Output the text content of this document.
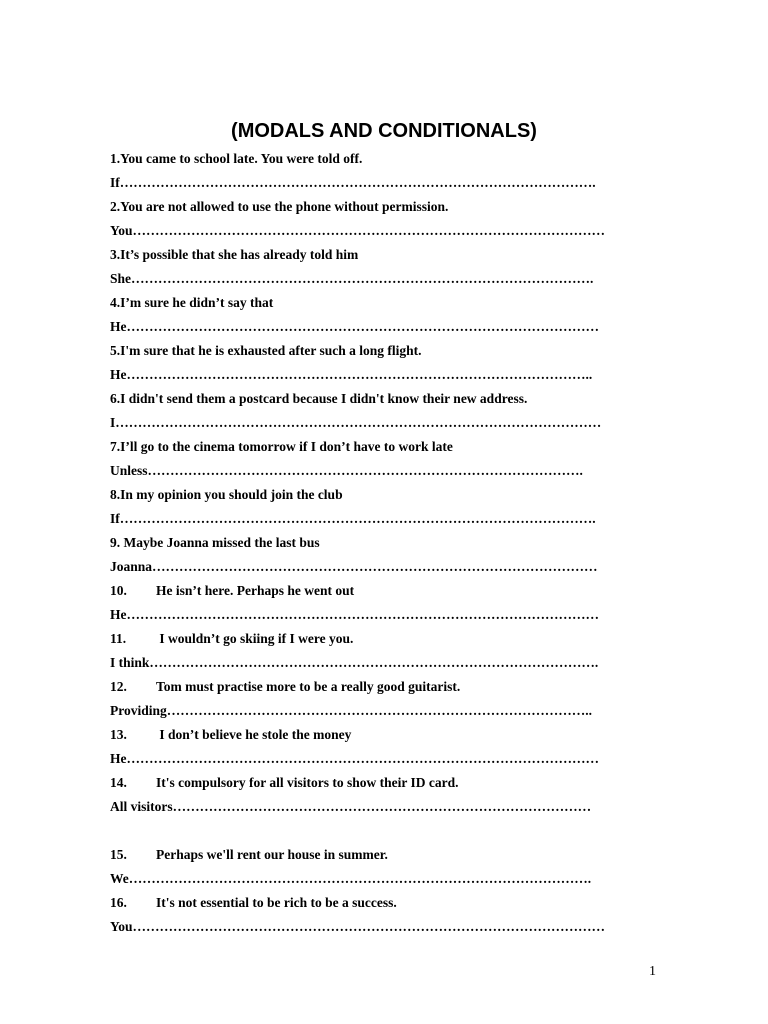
(MODALS AND CONDITIONALS)
1.You came to school late. You were told off.
If…………………………………………………………………………………………….
2.You are not allowed to use the phone without permission.
You……………………………………………………………………………………………
3.It’s possible that she has already told him
She………………………………………………………………………………………….
4.I’m sure he didn’t say that
He……………………………………………………………………………………………
5.I'm sure that he is exhausted after such a long flight.
He…………………………………………………………………………………………..
6.I didn't send them a postcard because I didn't know their new address.
I………………………………………………………………………………………………
7.I’ll go to the cinema tomorrow if I don’t have to work late
Unless…………………………………………………………………………………….
8.In my opinion you should join the club
If…………………………………………………………………………………………….
9. Maybe Joanna missed the last bus
Joanna………………………………………………………………………………………
10. He isn’t here. Perhaps he went out
He……………………………………………………………………………………………
11. I wouldn’t go skiing if I were you.
I think……………………………………………………………………………………….
12. Tom must practise more to be a really good guitarist.
Providing…………………………………………………………………………………..
13. I don’t believe he stole the money
He……………………………………………………………………………………………
14. It's compulsory for all visitors to show their ID card.
All visitors…………………………………………………………………………………
15. Perhaps we'll rent our house in summer.
We………………………………………………………………………………………….
16. It's not essential to be rich to be a success.
You……………………………………………………………………………………………
1
